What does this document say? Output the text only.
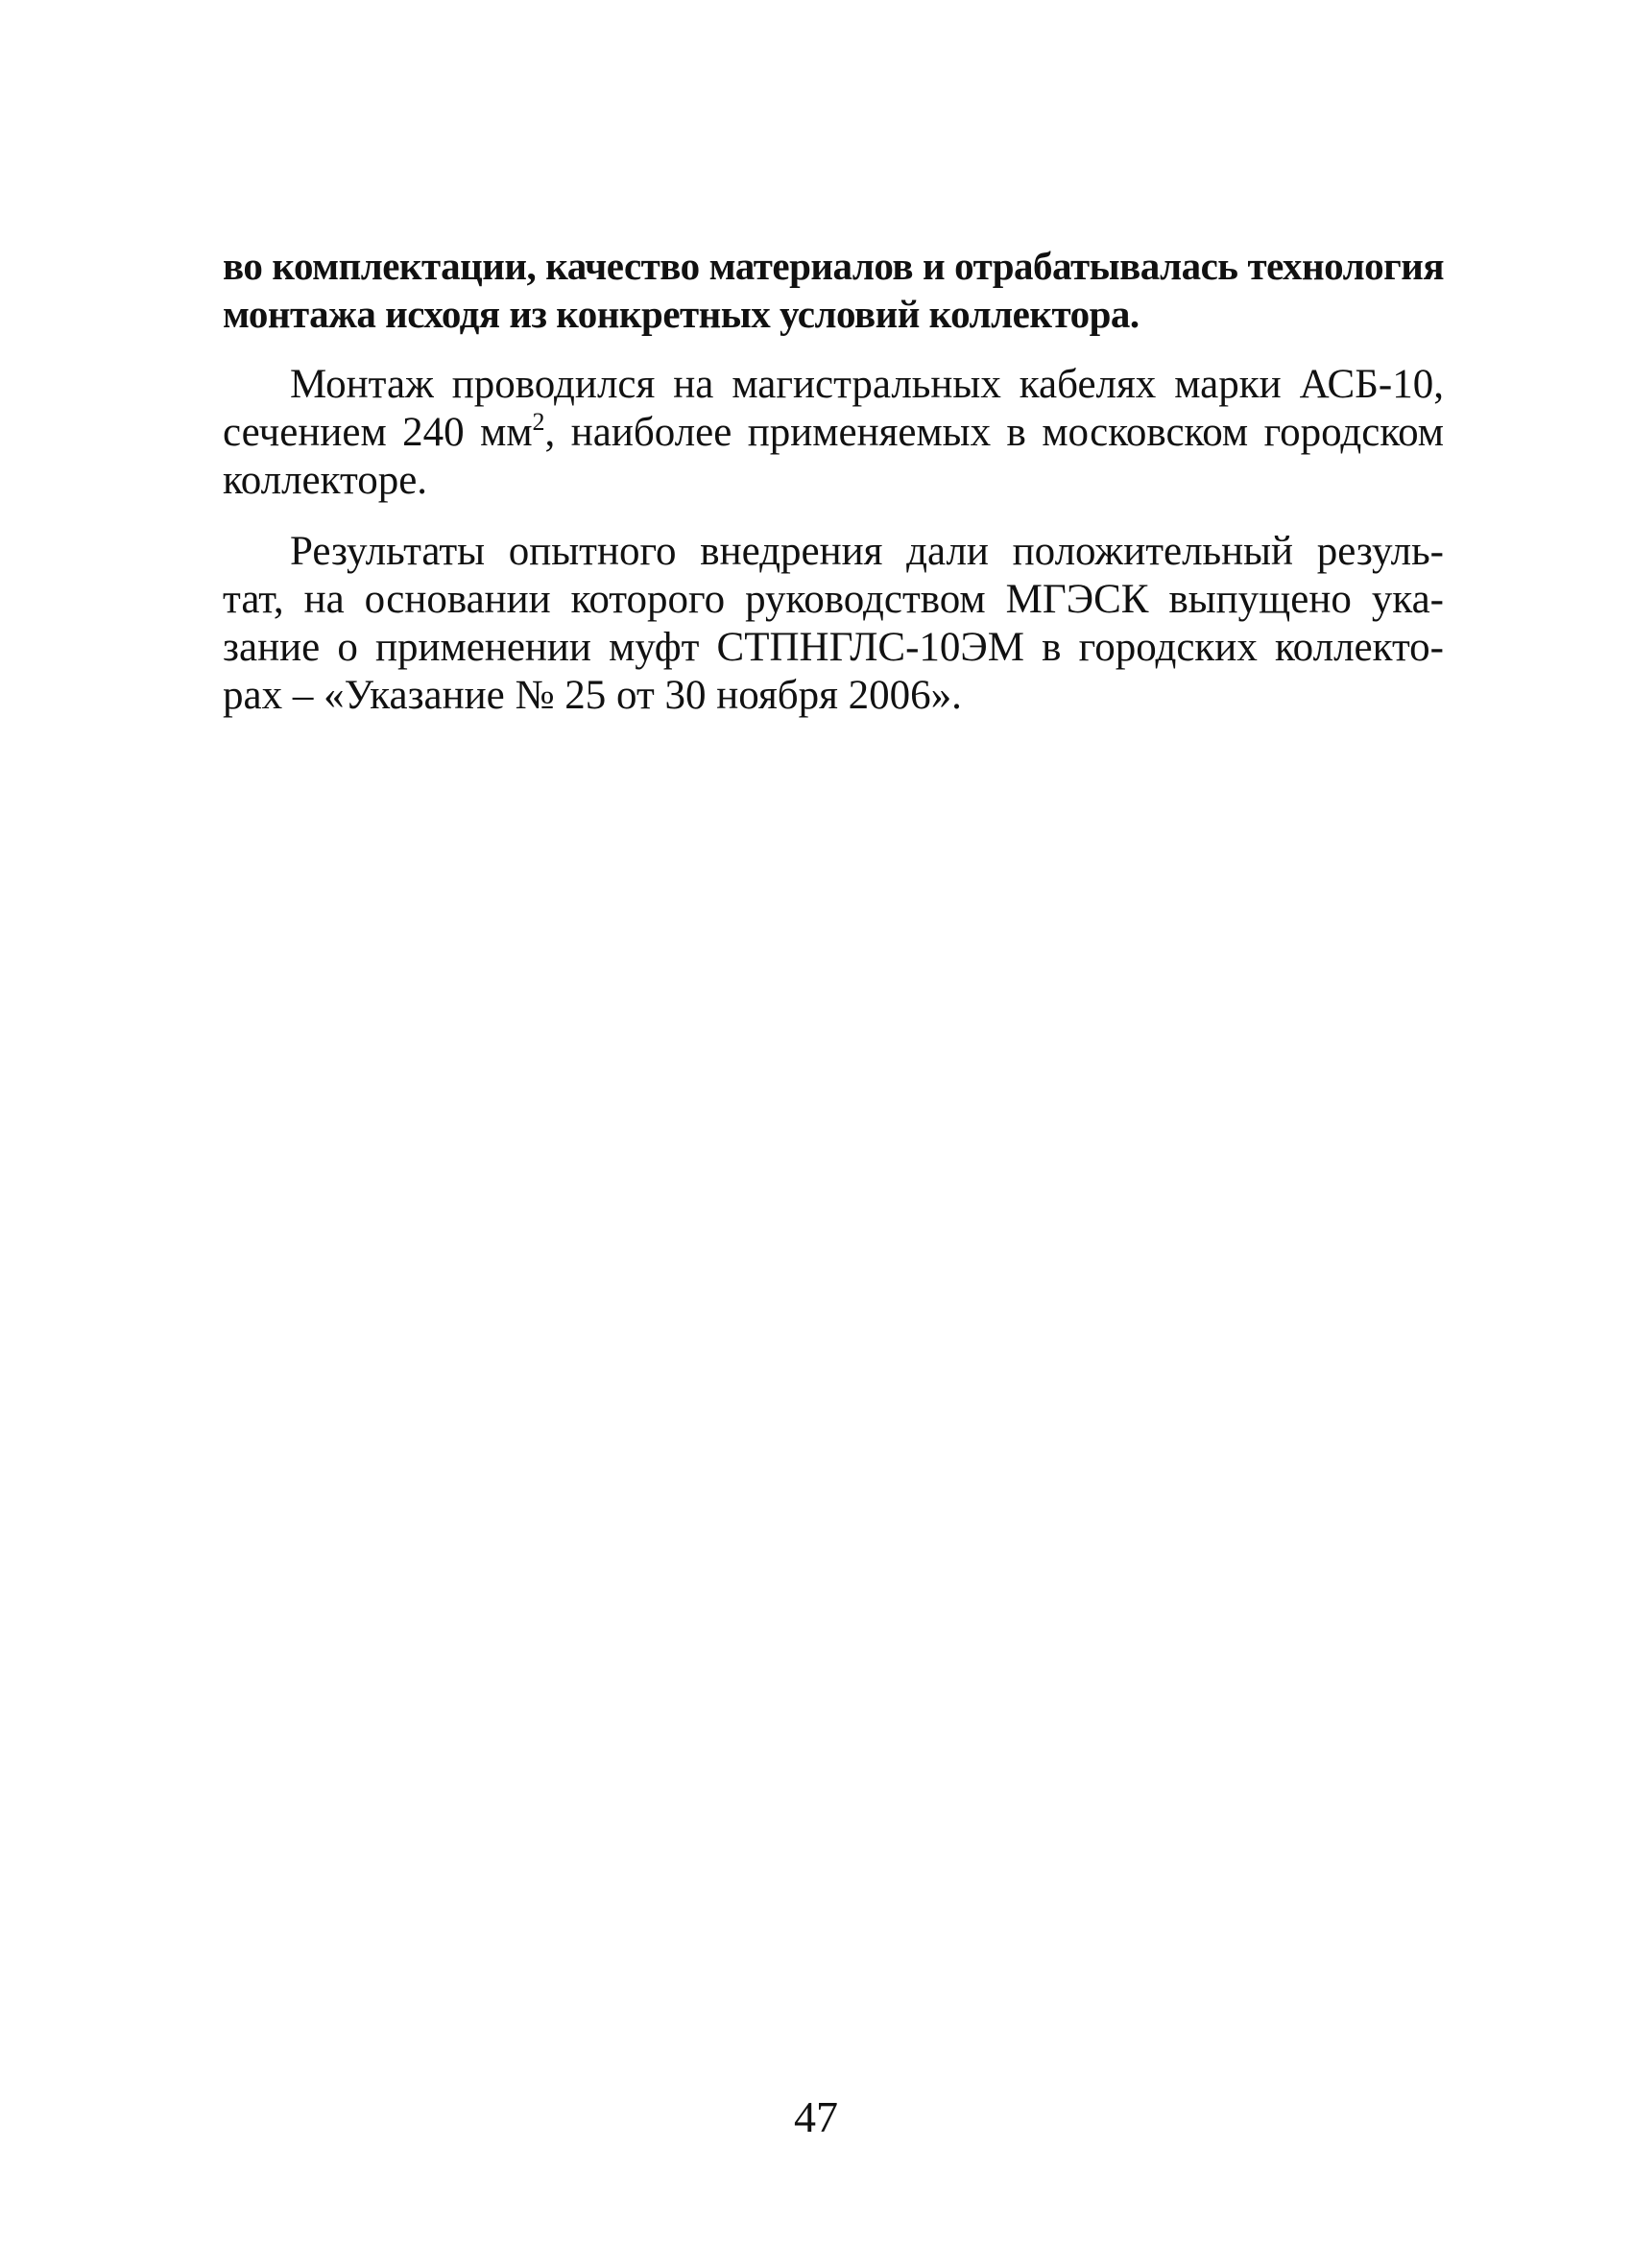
во комплектации, качество материалов и отрабатывалась технология
монтажа исходя из конкретных условий коллектора.
Монтаж проводился на магистральных кабелях марки АСБ-10,
сечением 240 $мм^2$, наиболее применяемых в московском городском
коллекторе.
Результаты опытного внедрения дали положительный резуль-
тат, на основании которого руководством МГЭСК выпущено ука-
зание о применении муфт СТПНГЛС-10ЭМ в городских коллекто-
рах – «Указание № 25 от 30 ноября 2006».
47
